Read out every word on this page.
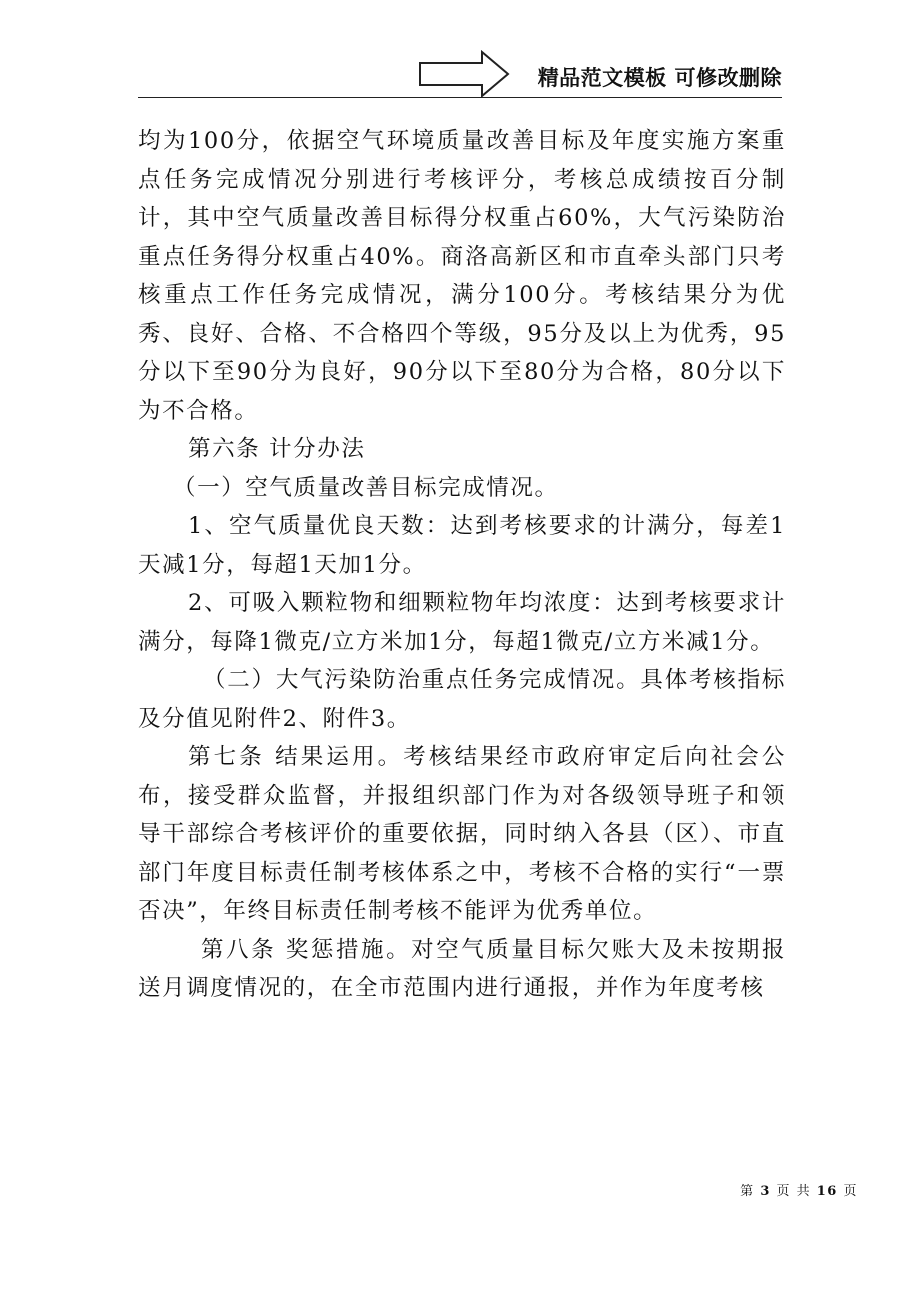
精品范文模板 可修改删除

均为100分，依据空气环境质量改善目标及年度实施方案重点任务完成情况分别进行考核评分，考核总成绩按百分制计，其中空气质量改善目标得分权重占60%，大气污染防治重点任务得分权重占40%。商洛高新区和市直牵头部门只考核重点工作任务完成情况，满分100分。考核结果分为优秀、良好、合格、不合格四个等级，95分及以上为优秀，95分以下至90分为良好，90分以下至80分为合格，80分以下为不合格。

第六条 计分办法

（一）空气质量改善目标完成情况。

1、空气质量优良天数：达到考核要求的计满分，每差1天减1分，每超1天加1分。

2、可吸入颗粒物和细颗粒物年均浓度：达到考核要求计满分，每降1微克/立方米加1分，每超1微克/立方米减1分。

（二）大气污染防治重点任务完成情况。具体考核指标及分值见附件2、附件3。

第七条 结果运用。考核结果经市政府审定后向社会公布，接受群众监督，并报组织部门作为对各级领导班子和领导干部综合考核评价的重要依据，同时纳入各县（区）、市直部门年度目标责任制考核体系之中，考核不合格的实行“一票否决”，年终目标责任制考核不能评为优秀单位。

第八条 奖惩措施。对空气质量目标欠账大及未按期报送月调度情况的，在全市范围内进行通报，并作为年度考核

第 3 页 共 16 页
